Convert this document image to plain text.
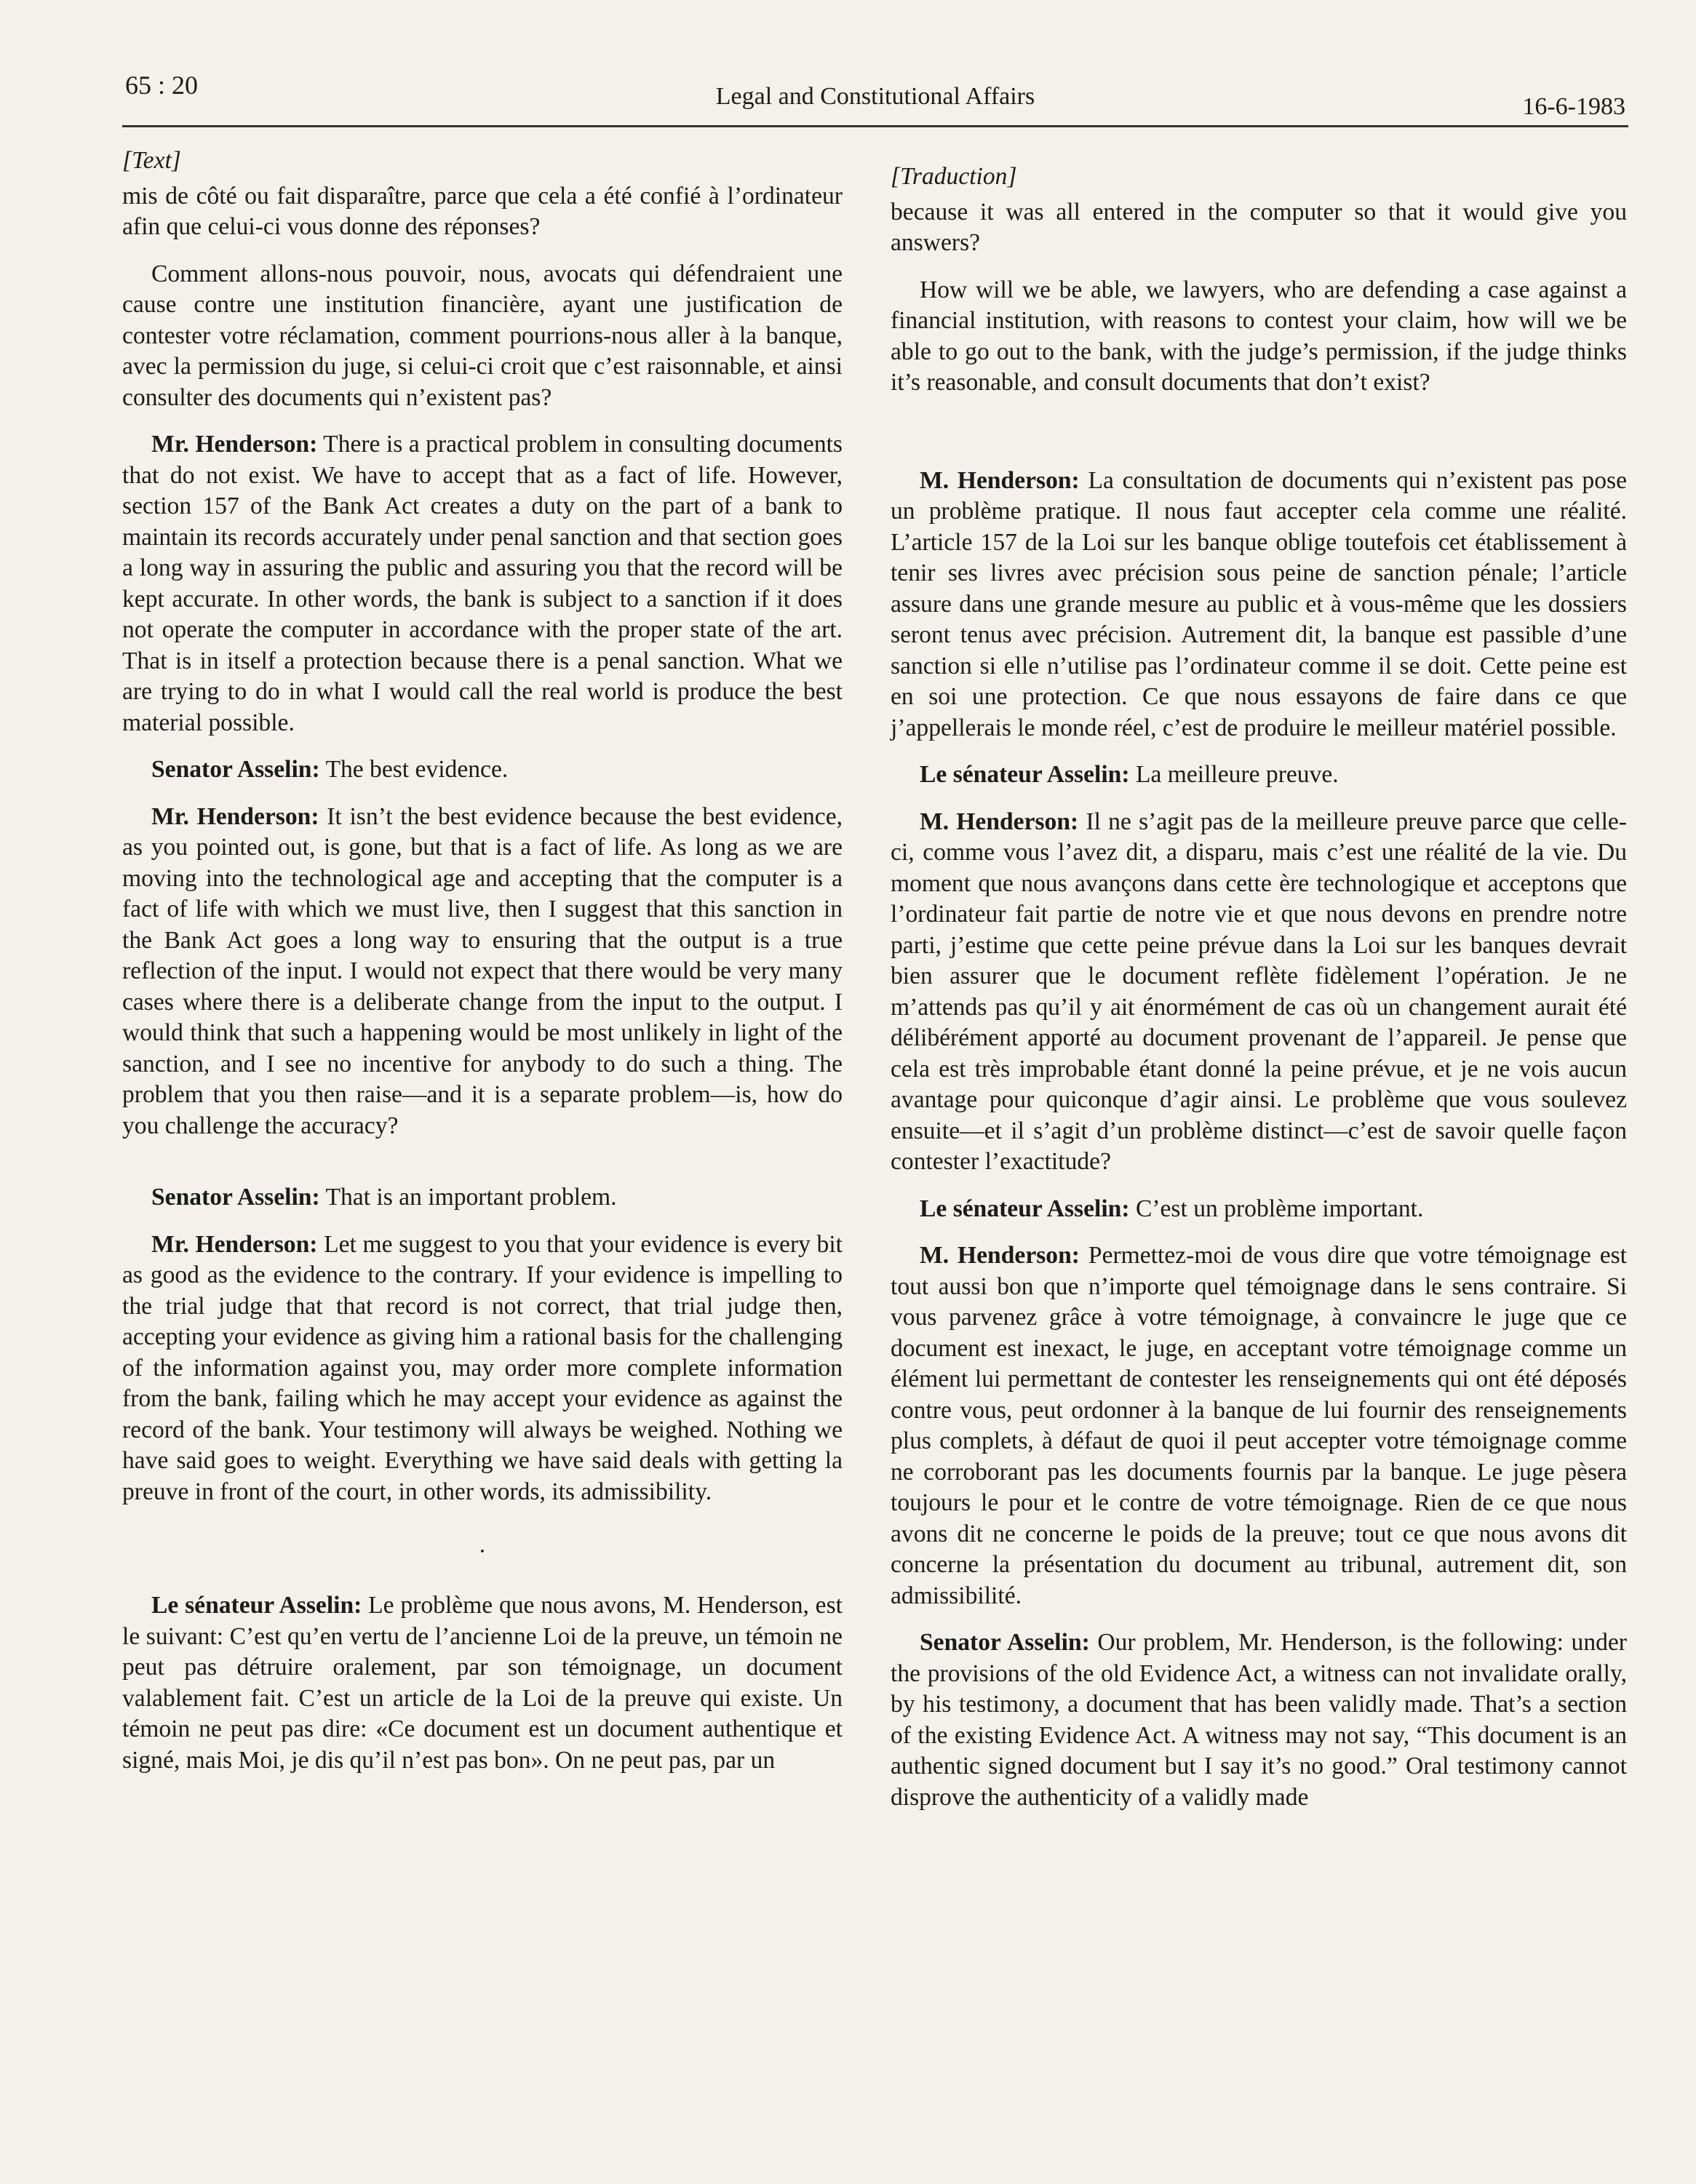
65 : 20	Legal and Constitutional Affairs	16-6-1983
[Text]

mis de côté ou fait disparaître, parce que cela a été confié à l’ordinateur afin que celui-ci vous donne des réponses?

Comment allons-nous pouvoir, nous, avocats qui défendraient une cause contre une institution financière, ayant une justification de contester votre réclamation, comment pourrions-nous aller à la banque, avec la permission du juge, si celui-ci croit que c’est raisonnable, et ainsi consulter des documents qui n’existent pas?

Mr. Henderson: There is a practical problem in consulting documents that do not exist. We have to accept that as a fact of life. However, section 157 of the Bank Act creates a duty on the part of a bank to maintain its records accurately under penal sanction and that section goes a long way in assuring the public and assuring you that the record will be kept accurate. In other words, the bank is subject to a sanction if it does not operate the computer in accordance with the proper state of the art. That is in itself a protection because there is a penal sanction. What we are trying to do in what I would call the real world is produce the best material possible.

Senator Asselin: The best evidence.

Mr. Henderson: It isn’t the best evidence because the best evidence, as you pointed out, is gone, but that is a fact of life. As long as we are moving into the technological age and accepting that the computer is a fact of life with which we must live, then I suggest that this sanction in the Bank Act goes a long way to ensuring that the output is a true reflection of the input. I would not expect that there would be very many cases where there is a deliberate change from the input to the output. I would think that such a happening would be most unlikely in light of the sanction, and I see no incentive for anybody to do such a thing. The problem that you then raise—and it is a separate problem—is, how do you challenge the accuracy?

Senator Asselin: That is an important problem.

Mr. Henderson: Let me suggest to you that your evidence is every bit as good as the evidence to the contrary. If your evidence is impelling to the trial judge that that record is not correct, that trial judge then, accepting your evidence as giving him a rational basis for the challenging of the information against you, may order more complete information from the bank, failing which he may accept your evidence as against the record of the bank. Your testimony will always be weighed. Nothing we have said goes to weight. Everything we have said deals with getting la preuve in front of the court, in other words, its admissibility.

·

Le sénateur Asselin: Le problème que nous avons, M. Henderson, est le suivant: C’est qu’en vertu de l’ancienne Loi de la preuve, un témoin ne peut pas détruire oralement, par son témoignage, un document valablement fait. C’est un article de la Loi de la preuve qui existe. Un témoin ne peut pas dire: «Ce document est un document authentique et signé, mais Moi, je dis qu’il n’est pas bon». On ne peut pas, par un

[Traduction]

because it was all entered in the computer so that it would give you answers?

How will we be able, we lawyers, who are defending a case against a financial institution, with reasons to contest your claim, how will we be able to go out to the bank, with the judge’s permission, if the judge thinks it’s reasonable, and consult documents that don’t exist?

M. Henderson: La consultation de documents qui n’existent pas pose un problème pratique. Il nous faut accepter cela comme une réalité. L’article 157 de la Loi sur les banque oblige toutefois cet établissement à tenir ses livres avec précision sous peine de sanction pénale; l’article assure dans une grande mesure au public et à vous-même que les dossiers seront tenus avec précision. Autrement dit, la banque est passible d’une sanction si elle n’utilise pas l’ordinateur comme il se doit. Cette peine est en soi une protection. Ce que nous essayons de faire dans ce que j’appellerais le monde réel, c’est de produire le meilleur matériel possible.

Le sénateur Asselin: La meilleure preuve.

M. Henderson: Il ne s’agit pas de la meilleure preuve parce que celle-ci, comme vous l’avez dit, a disparu, mais c’est une réalité de la vie. Du moment que nous avançons dans cette ère technologique et acceptons que l’ordinateur fait partie de notre vie et que nous devons en prendre notre parti, j’estime que cette peine prévue dans la Loi sur les banques devrait bien assurer que le document reflète fidèlement l’opération. Je ne m’attends pas qu’il y ait énormément de cas où un changement aurait été délibérément apporté au document provenant de l’appareil. Je pense que cela est très improbable étant donné la peine prévue, et je ne vois aucun avantage pour quiconque d’agir ainsi. Le problème que vous soulevez ensuite—et il s’agit d’un problème distinct—c’est de savoir quelle façon contester l’exactitude?

Le sénateur Asselin: C’est un problème important.

M. Henderson: Permettez-moi de vous dire que votre témoignage est tout aussi bon que n’importe quel témoignage dans le sens contraire. Si vous parvenez grâce à votre témoignage, à convaincre le juge que ce document est inexact, le juge, en acceptant votre témoignage comme un élément lui permettant de contester les renseignements qui ont été déposés contre vous, peut ordonner à la banque de lui fournir des renseignements plus complets, à défaut de quoi il peut accepter votre témoignage comme ne corroborant pas les documents fournis par la banque. Le juge pèsera toujours le pour et le contre de votre témoignage. Rien de ce que nous avons dit ne concerne le poids de la preuve; tout ce que nous avons dit concerne la présentation du document au tribunal, autrement dit, son admissibilité.

Senator Asselin: Our problem, Mr. Henderson, is the following: under the provisions of the old Evidence Act, a witness can not invalidate orally, by his testimony, a document that has been validly made. That’s a section of the existing Evidence Act. A witness may not say, “This document is an authentic signed document but I say it’s no good.” Oral testimony cannot disprove the authenticity of a validly made
